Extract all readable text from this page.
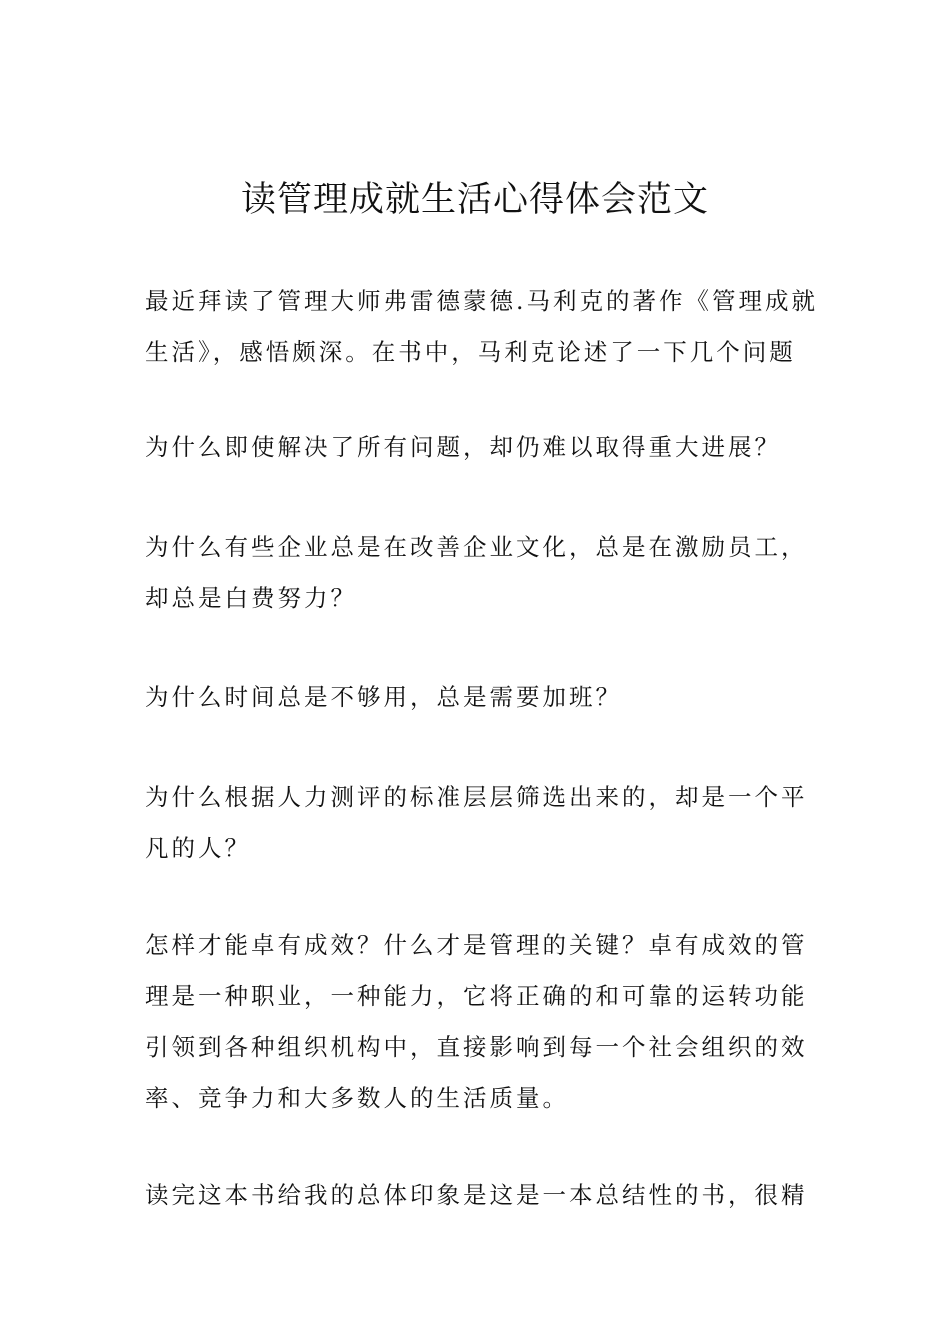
读管理成就生活心得体会范文

最近拜读了管理大师弗雷德蒙德.马利克的著作《管理成就
生活》，感悟颇深。在书中，马利克论述了一下几个问题

为什么即使解决了所有问题，却仍难以取得重大进展？

为什么有些企业总是在改善企业文化，总是在激励员工，
却总是白费努力？

为什么时间总是不够用，总是需要加班？

为什么根据人力测评的标准层层筛选出来的，却是一个平
凡的人？

怎样才能卓有成效？什么才是管理的关键？卓有成效的管
理是一种职业，一种能力，它将正确的和可靠的运转功能
引领到各种组织机构中，直接影响到每一个社会组织的效
率、竞争力和大多数人的生活质量。

读完这本书给我的总体印象是这是一本总结性的书，很精
